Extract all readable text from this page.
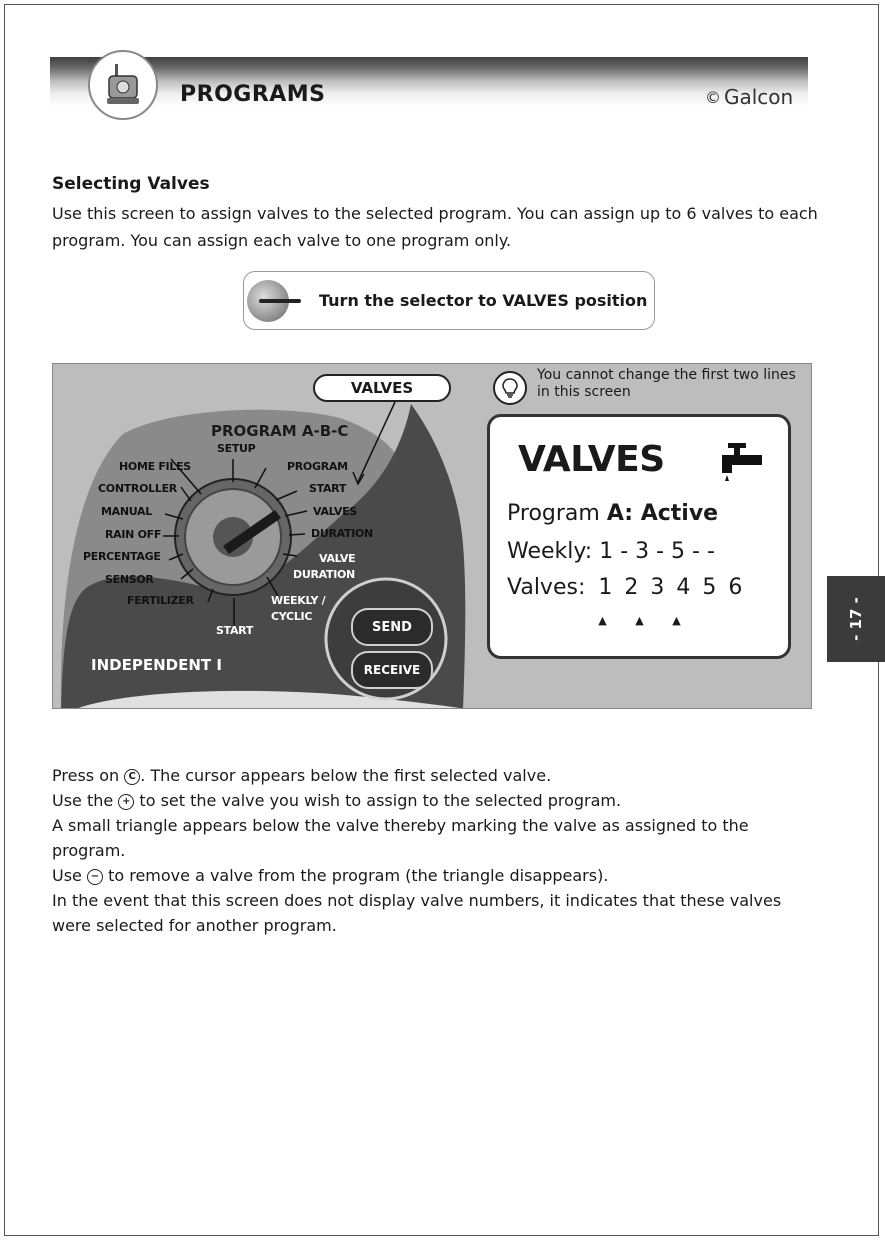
PROGRAMS	© Galcon
Selecting Valves
Use this screen to assign valves to the selected program. You can assign up to 6 valves to each program. You can assign each valve to one program only.
Turn the selector to VALVES position
VALVES
PROGRAM A-B-C
SETUP
HOME FILES
CONTROLLER
MANUAL
RAIN OFF
PERCENTAGE
SENSOR
FERTILIZER
START
PROGRAM
START
VALVES
DURATION
VALVE
DURATION
WEEKLY /
CYCLIC
INDEPENDENT I
SEND
RECEIVE
You cannot change the first two lines in this screen
VALVES
Program A: Active
Weekly: 1 - 3 - 5 - -
Valves: 1 2 3 4 5 6
▲	▲	▲	- 17 -

Press on C . The cursor appears below the first selected valve.

Use the + to set the valve you wish to assign to the selected program.

A small triangle appears below the valve thereby marking the valve as assigned to the program.

Use − to remove a valve from the program (the triangle disappears).

In the event that this screen does not display valve numbers, it indicates that these valves were selected for another program.
